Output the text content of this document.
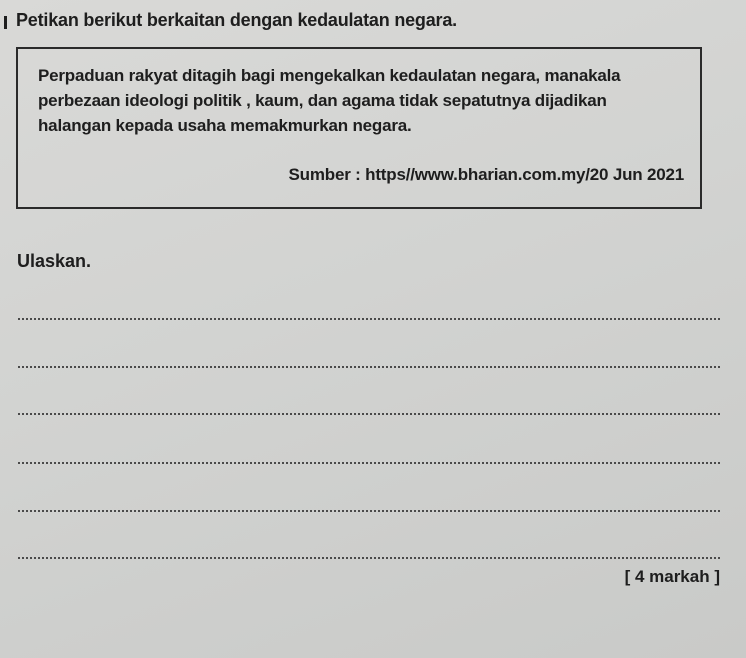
Petikan berikut berkaitan dengan kedaulatan negara.
Perpaduan rakyat ditagih bagi mengekalkan kedaulatan negara, manakala
perbezaan ideologi politik , kaum, dan agama tidak sepatutnya dijadikan
halangan kepada usaha memakmurkan negara.
Sumber : https//www.bharian.com.my/20 Jun 2021
Ulaskan.
[ 4 markah ]
